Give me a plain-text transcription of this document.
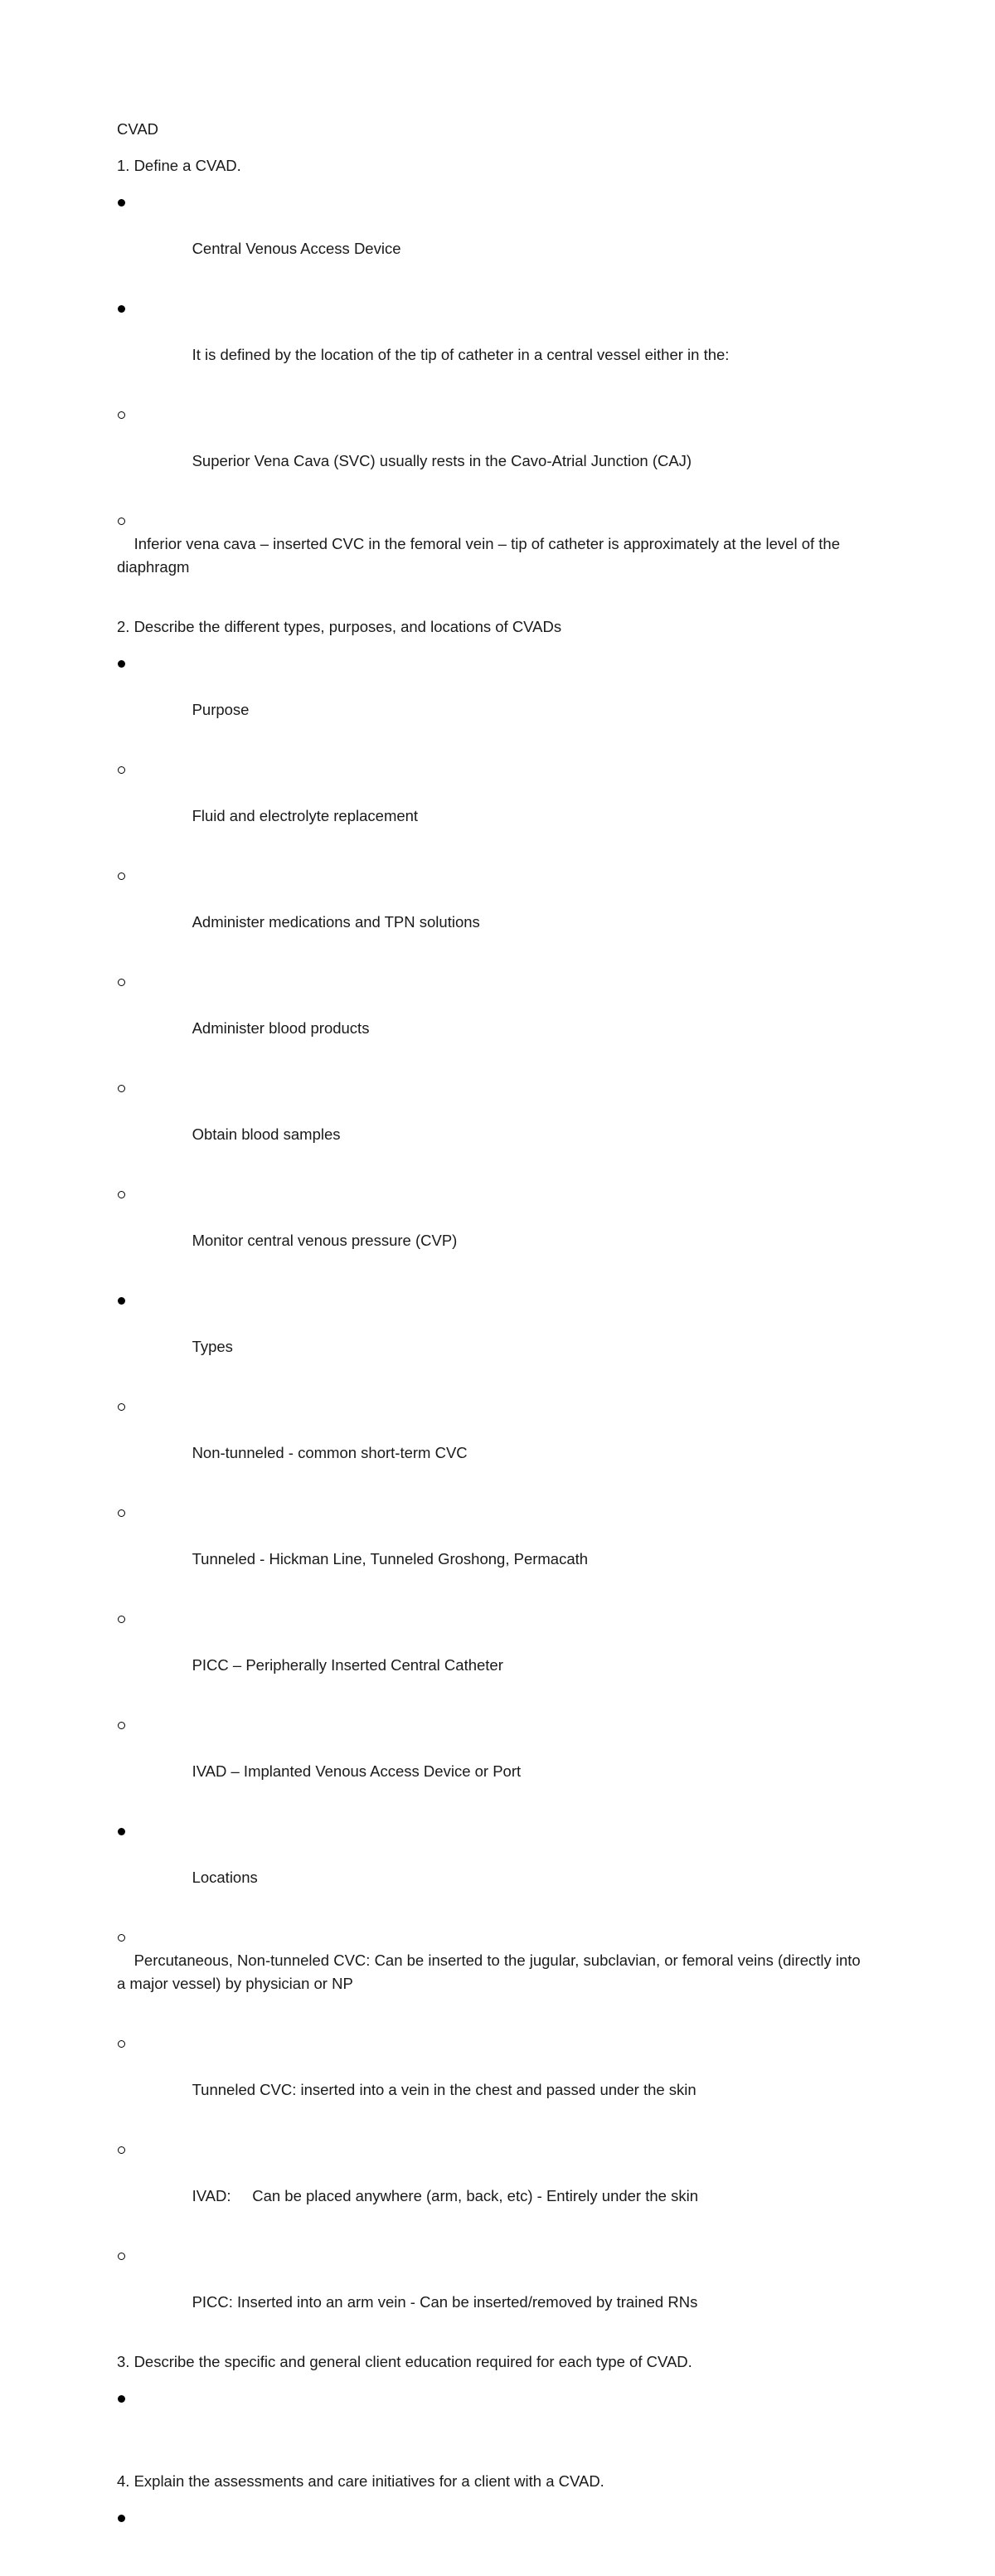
CVAD
1. Define a CVAD.

Central Venous Access Device

It is defined by the location of the tip of catheter in a central vessel either in the:

Superior Vena Cava (SVC) usually rests in the Cavo-Atrial Junction (CAJ)

Inferior vena cava – inserted CVC in the femoral vein – tip of catheter is approximately at the level of the diaphragm

2. Describe the different types, purposes, and locations of CVADs

Purpose

Fluid and electrolyte replacement

Administer medications and TPN solutions

Administer blood products

Obtain blood samples

Monitor central venous pressure (CVP)

Types

Non-tunneled - common short-term CVC

Tunneled - Hickman Line, Tunneled Groshong, Permacath

PICC – Peripherally Inserted Central Catheter

IVAD – Implanted Venous Access Device or Port

Locations

Percutaneous, Non-tunneled CVC: Can be inserted to the jugular, subclavian, or femoral veins (directly into a major vessel) by physician or NP

Tunneled CVC: inserted into a vein in the chest and passed under the skin

IVAD:     Can be placed anywhere (arm, back, etc) - Entirely under the skin

PICC: Inserted into an arm vein - Can be inserted/removed by trained RNs

3. Describe the specific and general client education required for each type of CVAD.

4. Explain the assessments and care initiatives for a client with a CVAD.
